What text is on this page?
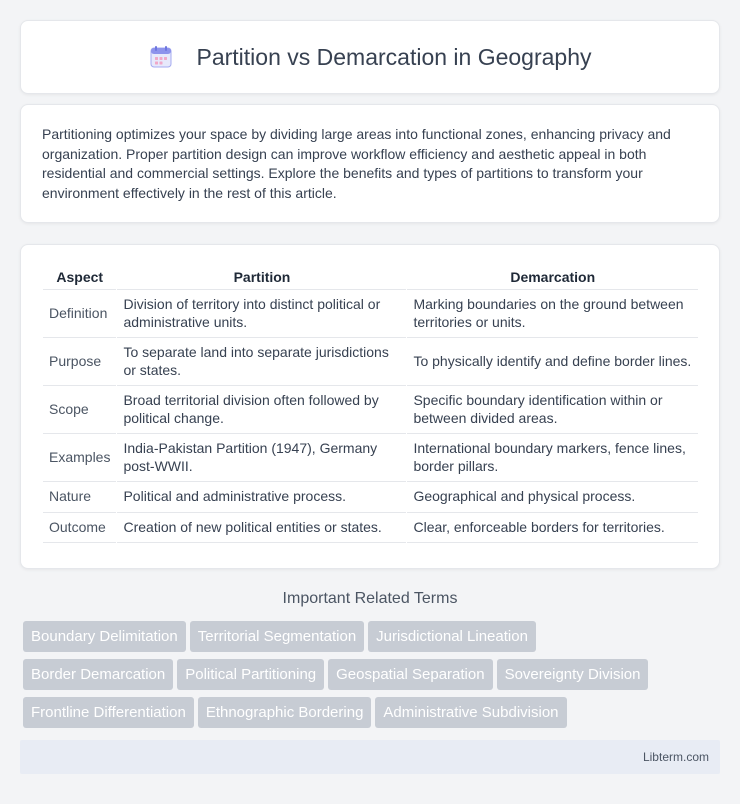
Partition vs Demarcation in Geography

Partitioning optimizes your space by dividing large areas into functional zones, enhancing privacy and organization. Proper partition design can improve workflow efficiency and aesthetic appeal in both residential and commercial settings. Explore the benefits and types of partitions to transform your environment effectively in the rest of this article.

Aspect	Partition	Demarcation
Definition	Division of territory into distinct political or administrative units.	Marking boundaries on the ground between territories or units.
Purpose	To separate land into separate jurisdictions or states.	To physically identify and define border lines.
Scope	Broad territorial division often followed by political change.	Specific boundary identification within or between divided areas.
Examples	India-Pakistan Partition (1947), Germany post-WWII.	International boundary markers, fence lines, border pillars.
Nature	Political and administrative process.	Geographical and physical process.
Outcome	Creation of new political entities or states.	Clear, enforceable borders for territories.
Important Related Terms
Boundary Delimitation Territorial Segmentation Jurisdictional Lineation
Border Demarcation Political Partitioning Geospatial Separation Sovereignty Division
Frontline Differentiation Ethnographic Bordering Administrative Subdivision
Libterm.com
